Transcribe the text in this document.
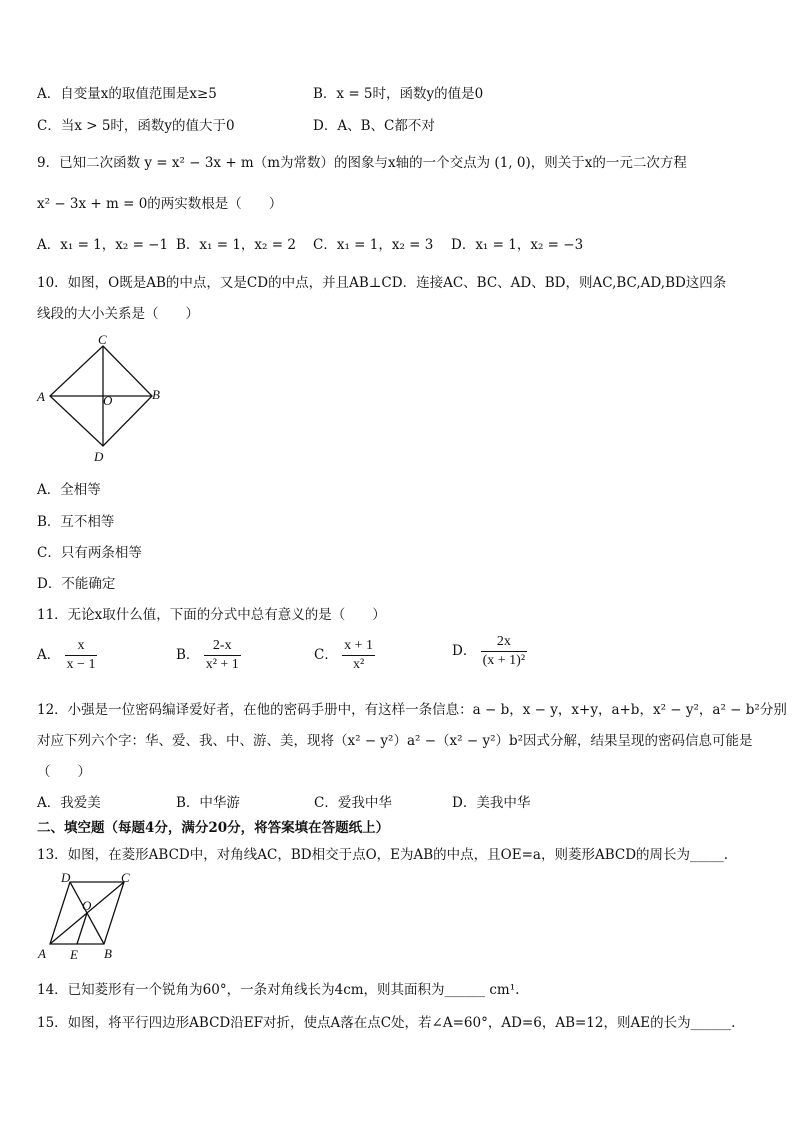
A．自变量x的取值范围是x≥5	B．x = 5时，函数y的值是0
C．当x > 5时，函数y的值大于0	D．A、B、C都不对
9．已知二次函数 y = x² − 3x + m（m为常数）的图象与x轴的一个交点为 (1, 0)，则关于x的一元二次方程
x² − 3x + m = 0的两实数根是（　　）
A．x₁ = 1，x₂ = −1 B．x₁ = 1，x₂ = 2 C．x₁ = 1，x₂ = 3 D．x₁ = 1，x₂ = −3
10．如图，O既是AB的中点，又是CD的中点，并且AB⊥CD．连接AC、BC、AD、BD，则AC,BC,AD,BD这四条
线段的大小关系是（　　）
C
A	O	B
D
A．全相等
B．互不相等
C．只有两条相等
D．不能确定
11．无论x取什么值，下面的分式中总有意义的是（　　）
A． $\frac{x}{x - 1}$	B． $\frac{2-x}{\text{x² + 1}}$	C． $\frac{x + 1}{\text{x²}}$	D． $\frac{2x}{\text{(x + 1)²}}$
12．小强是一位密码编译爱好者，在他的密码手册中，有这样一条信息：a − b，x − y，x+y，a+b，x² − y²，a² − b²分别
对应下列六个字：华、爱、我、中、游、美，现将（x² − y²）a² −（x² − y²）b²因式分解，结果呈现的密码信息可能是
（　　）
A．我爱美	B．中华游	C．爱我中华	D．美我中华
二、填空题（每题4分，满分20分，将答案填在答题纸上）
13．如图，在菱形ABCD中，对角线AC，BD相交于点O，E为AB的中点，且OE=a，则菱形ABCD的周长为_____.
D	C
O
A E B
14．已知菱形有一个锐角为60°，一条对角线长为4cm，则其面积为______ cm¹.
15．如图，将平行四边形ABCD沿EF对折，使点A落在点C处，若∠A=60°，AD=6，AB=12，则AE的长为______.
